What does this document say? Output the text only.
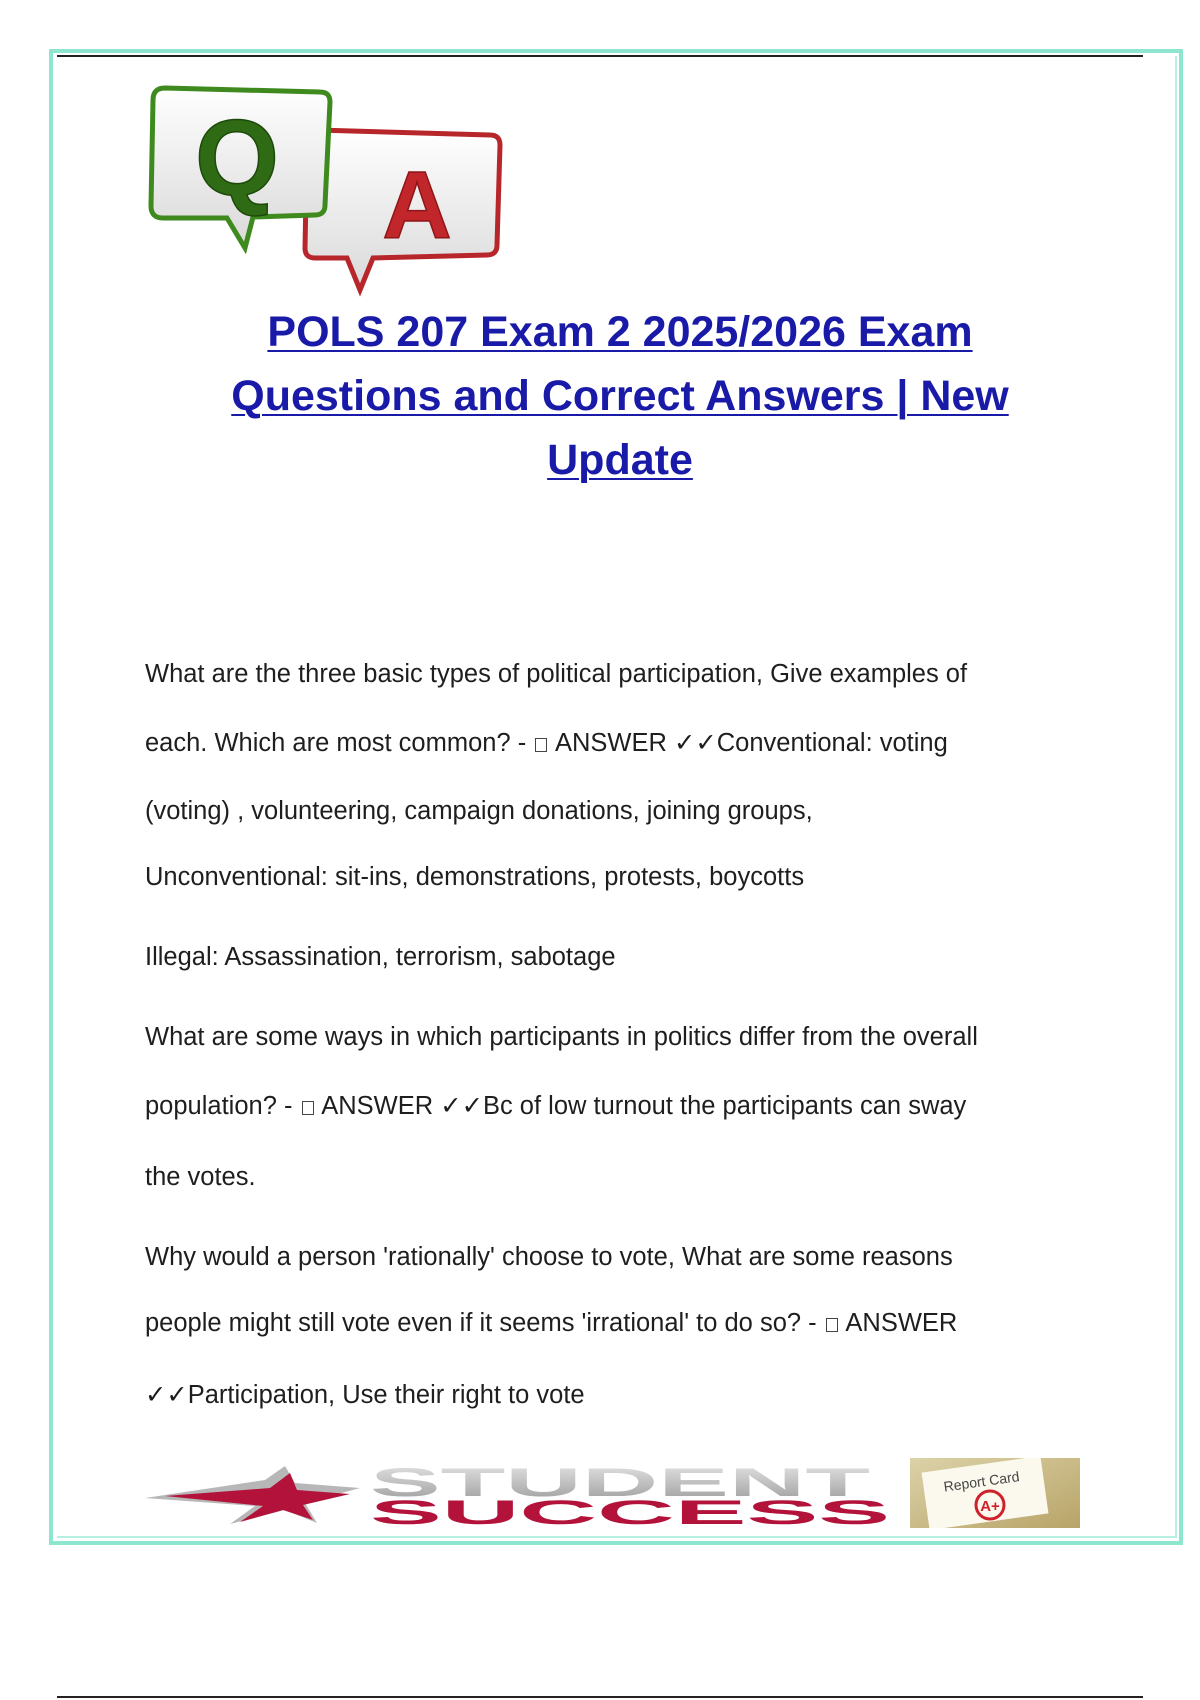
Q A
POLS 207 Exam 2 2025/2026 Exam
Questions and Correct Answers | New
Update
What are the three basic types of political participation, Give examples of
each. Which are most common? -  ANSWER ✓✓Conventional: voting
(voting) , volunteering, campaign donations, joining groups,
Unconventional: sit-ins, demonstrations, protests, boycotts
Illegal: Assassination, terrorism, sabotage
What are some ways in which participants in politics differ from the overall
population? -  ANSWER ✓✓Bc of low turnout the participants can sway
the votes.
Why would a person 'rationally' choose to vote, What are some reasons
people might still vote even if it seems 'irrational' to do so? -  ANSWER
✓✓Participation, Use their right to vote
STUDENT
SUCCESS
Report Card
A+
